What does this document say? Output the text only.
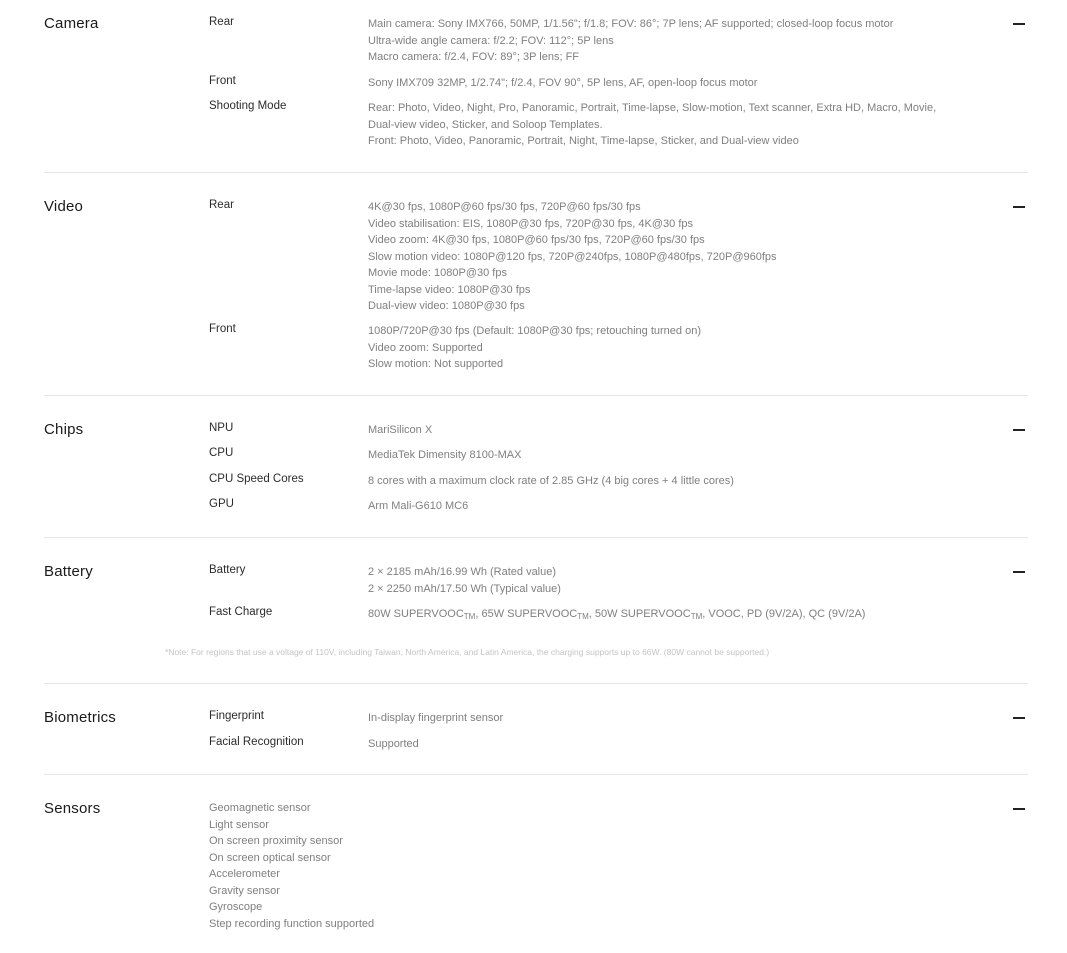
Camera	Rear	Main camera: Sony IMX766, 50MP, 1/1.56"; f/1.8; FOV: 86°; 7P lens; AF supported; closed-loop focus motor
Ultra-wide angle camera: f/2.2; FOV: 112°; 5P lens
Macro camera: f/2.4, FOV: 89°; 3P lens; FF
Front	Sony IMX709 32MP, 1/2.74"; f/2.4, FOV 90°, 5P lens, AF, open-loop focus motor
Shooting Mode	Rear: Photo, Video, Night, Pro, Panoramic, Portrait, Time-lapse, Slow-motion, Text scanner, Extra HD, Macro, Movie,
Dual-view video, Sticker, and Soloop Templates.
Front: Photo, Video, Panoramic, Portrait, Night, Time-lapse, Sticker, and Dual-view video
Video	Rear	4K@30 fps, 1080P@60 fps/30 fps, 720P@60 fps/30 fps
Video stabilisation: EIS, 1080P@30 fps, 720P@30 fps, 4K@30 fps
Video zoom: 4K@30 fps, 1080P@60 fps/30 fps, 720P@60 fps/30 fps
Slow motion video: 1080P@120 fps, 720P@240fps, 1080P@480fps, 720P@960fps
Movie mode: 1080P@30 fps
Time-lapse video: 1080P@30 fps
Dual-view video: 1080P@30 fps
Front	1080P/720P@30 fps (Default: 1080P@30 fps; retouching turned on)
Video zoom: Supported
Slow motion: Not supported
Chips	NPU	MariSilicon X
CPU	MediaTek Dimensity 8100-MAX
CPU Speed Cores	8 cores with a maximum clock rate of 2.85 GHz (4 big cores + 4 little cores)
GPU	Arm Mali-G610 MC6
Battery	Battery	2 × 2185 mAh/16.99 Wh (Rated value)
2 × 2250 mAh/17.50 Wh (Typical value)
Fast Charge	80W SUPERVOOCTM, 65W SUPERVOOCTM, 50W SUPERVOOCTM, VOOC, PD (9V/2A), QC (9V/2A)
*Note: For regions that use a voltage of 110V, including Taiwan, North America, and Latin America, the charging supports up to 66W. (80W cannot be supported.)
Biometrics	Fingerprint	In-display fingerprint sensor
Facial Recognition	Supported
Sensors	Geomagnetic sensor
Light sensor
On screen proximity sensor
On screen optical sensor
Accelerometer
Gravity sensor
Gyroscope
Step recording function supported
